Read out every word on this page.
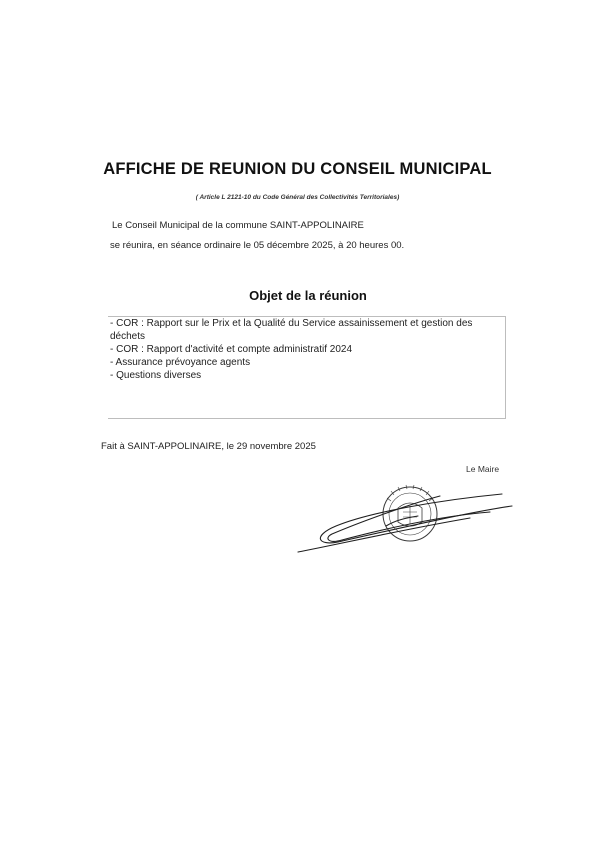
AFFICHE DE REUNION DU CONSEIL MUNICIPAL
( Article L 2121-10 du Code Général des Collectivités Territoriales)
Le Conseil Municipal de la commune SAINT-APPOLINAIRE
se réunira, en séance ordinaire le 05 décembre 2025, à 20 heures 00.
Objet de la réunion
- COR : Rapport sur le Prix et la Qualité du Service assainissement et gestion des déchets
- COR : Rapport d'activité et compte administratif 2024
- Assurance prévoyance agents
- Questions diverses
Fait à SAINT-APPOLINAIRE, le 29 novembre 2025
Le Maire
